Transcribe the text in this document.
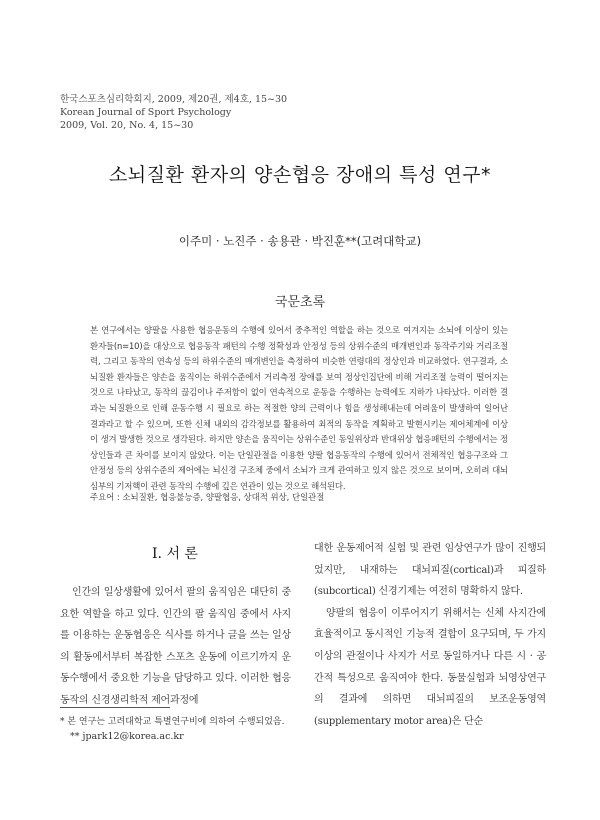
한국스포츠심리학회지, 2009, 제20권, 제4호, 15~30
Korean Journal of Sport Psychology
2009, Vol. 20, No. 4, 15~30
소뇌질환 환자의 양손협응 장애의 특성 연구*
이주미 · 노진주 · 송용관 · 박진훈**(고려대학교)
국문초록
본 연구에서는 양팔을 사용한 협응운동의 수행에 있어서 중추적인 역할을 하는 것으로 여겨지는 소뇌에 이상이 있는 환자들(n=10)을 대상으로 협응동작 패턴의 수행 정확성과 안정성 등의 상위수준의 매개변인과 동작주기와 거리조절력, 그리고 동작의 연속성 등의 하위수준의 매개변인을 측정하여 비슷한 연령대의 정상인과 비교하였다. 연구결과, 소뇌질환 환자들은 양손을 움직이는 하위수준에서 거리측정 장애를 보여 정상인집단에 비해 거리조절 능력이 떨어지는 것으로 나타났고, 동작의 끊김이나 주저함이 없이 연속적으로 운동을 수행하는 능력에도 지하가 나타났다. 이러한 결과는 뇌질환으로 인해 운동수행 시 필요로 하는 적절한 양의 근력이나 힘을 생성해내는데 어려움이 발생하여 일어난 결과라고 할 수 있으며, 또한 신체 내외의 감각정보를 활용하여 최적의 동작을 계획하고 발현시키는 제어체계에 이상이 생겨 발생한 것으로 생각된다. 하지만 양손을 움직이는 상위수준인 동일위상과 반대위상 협응패턴의 수행에서는 정상인들과 큰 차이를 보이지 않았다. 이는 단일관절을 이용한 양팔 협응동작의 수행에 있어서 전체적인 협응구조와 그 안정성 등의 상위수준의 제어에는 뇌신경 구조체 중에서 소뇌가 크게 관여하고 있지 않은 것으로 보이며, 오히려 대뇌심부의 기저핵이 관련 동작의 수행에 깊은 연관이 있는 것으로 해석된다.
주요어 : 소뇌질환, 협응불능증, 양팔협응, 상대적 위상, 단일관절
Ⅰ. 서 론

인간의 일상생활에 있어서 팔의 움직임은 대단히 중요한 역할을 하고 있다. 인간의 팔 움직임 중에서 사지를 이용하는 운동협응은 식사를 하거나 글을 쓰는 일상의 활동에서부터 복잡한 스포츠 운동에 이르기까지 운동수행에서 중요한 기능을 담당하고 있다. 이러한 협응동작의 신경생리학적 제어과정에

대한 운동제어적 실험 및 관련 임상연구가 많이 진행되었지만, 내재하는 대뇌피질(cortical)과 피질하(subcortical) 신경기제는 여전히 명확하지 않다.

양팔의 협응이 이루어지기 위해서는 신체 사지간에 효율적이고 동시적인 기능적 결합이 요구되며, 두 가지 이상의 관절이나 사지가 서로 동일하거나 다른 시 · 공간적 특성으로 움직여야 한다. 동물실험과 뇌영상연구의 결과에 의하면 대뇌피질의 보조운동영역(supplementary motor area)은 단순

* 본 연구는 고려대학교 특별연구비에 의하여 수행되었음.
** jpark12@korea.ac.kr
